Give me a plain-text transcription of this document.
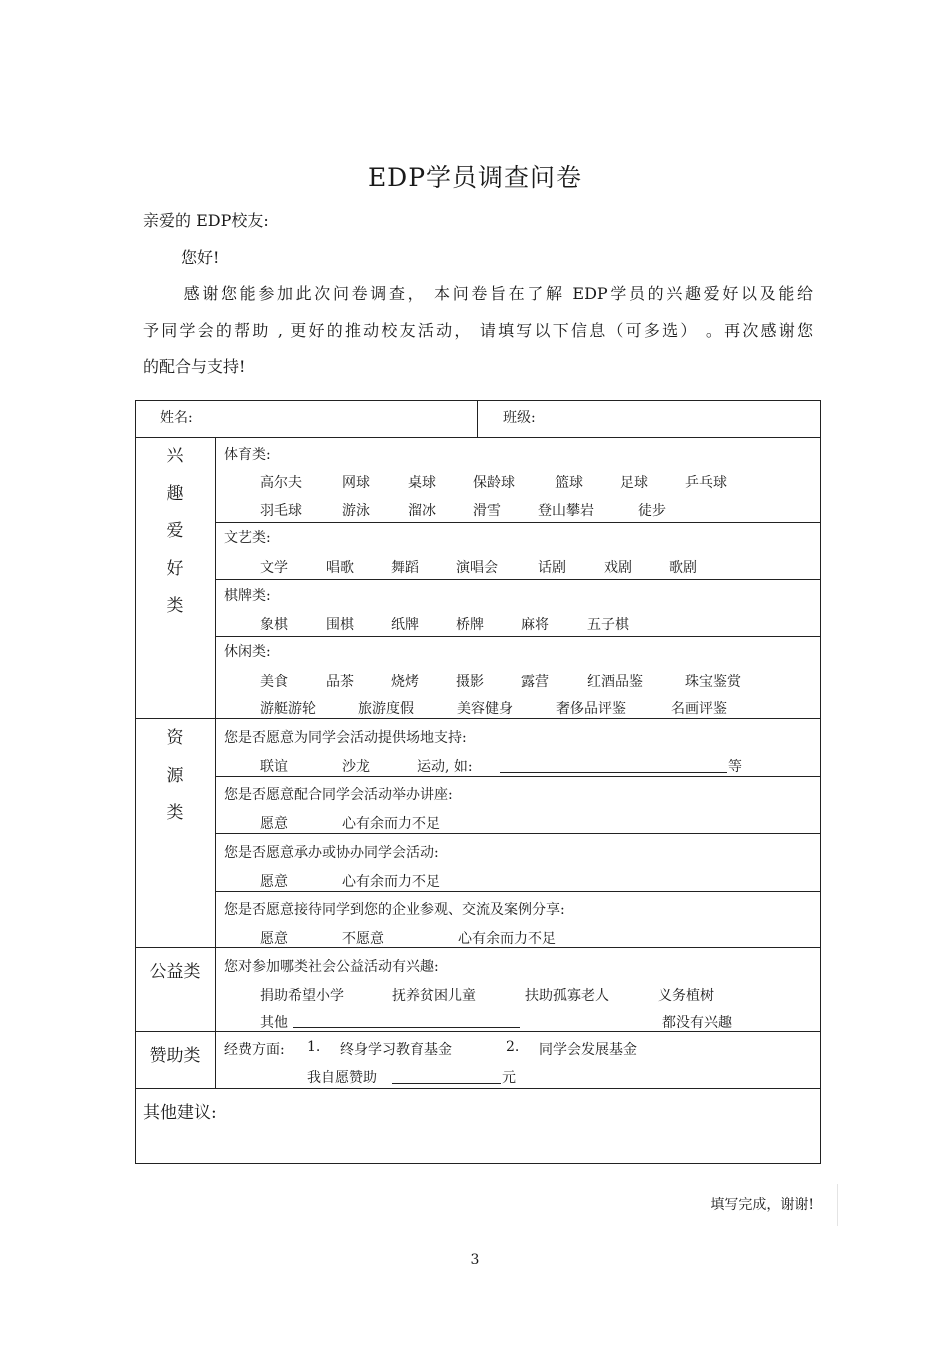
EDP学员调查问卷
亲爱的 EDP校友:
您好!
感谢您能参加此次问卷调查， 本问卷旨在了解 EDP学员的兴趣爱好以及能给
予同学会的帮助 , 更好的推动校友活动， 请填写以下信息（可多选） 。再次感谢您
的配合与支持!
姓名:	班级:
兴
趣
爱
好
类
体育类:
高尔夫	网球	桌球	保龄球	篮球	足球	乒乓球
羽毛球	游泳	溜冰	滑雪	登山攀岩	徒步
文艺类:
文学	唱歌	舞蹈	演唱会	话剧	戏剧	歌剧
棋牌类:
象棋	围棋	纸牌	桥牌	麻将	五子棋
休闲类:
美食	品茶	烧烤	摄影	露营	红酒品鉴	珠宝鉴赏
游艇游轮	旅游度假	美容健身	奢侈品评鉴	名画评鉴
资
源
类
您是否愿意为同学会活动提供场地支持:
联谊	沙龙	运动, 如:	等
您是否愿意配合同学会活动举办讲座:
愿意	心有余而力不足
您是否愿意承办或协办同学会活动:
愿意	心有余而力不足
您是否愿意接待同学到您的企业参观、交流及案例分享:
愿意	不愿意	心有余而力不足
公益类	您对参加哪类社会公益活动有兴趣:
捐助希望小学	抚养贫困儿童	扶助孤寡老人	义务植树
其他	都没有兴趣
赞助类	经费方面: 1. 终身学习教育基金	2. 同学会发展基金
我自愿赞助	元
其他建议:
填写完成，谢谢!
3
